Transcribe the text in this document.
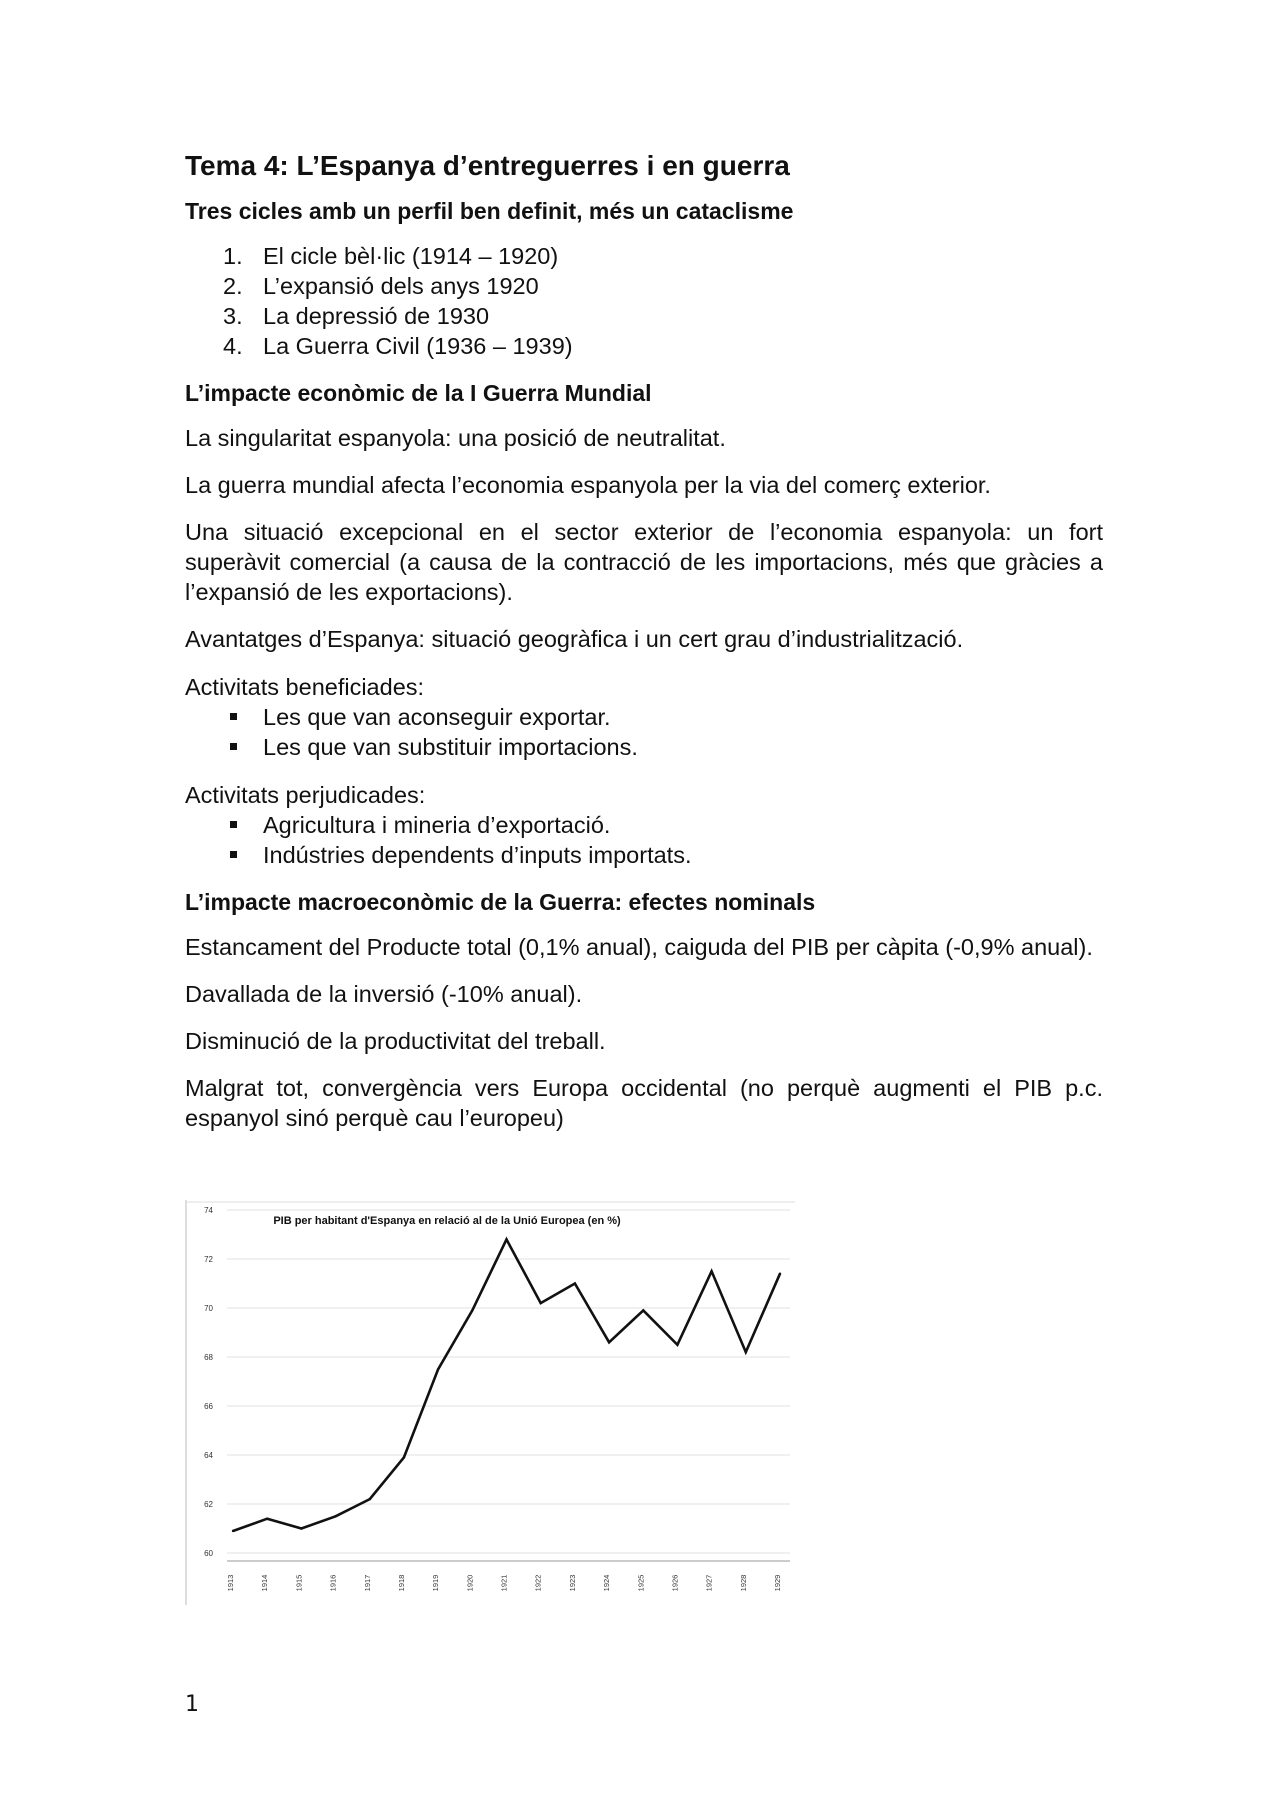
Tema 4: L’Espanya d’entreguerres i en guerra
Tres cicles amb un perfil ben definit, més un cataclisme
1. El cicle bèl·lic (1914 – 1920)
2. L’expansió dels anys 1920
3. La depressió de 1930
4. La Guerra Civil (1936 – 1939)
L’impacte econòmic de la I Guerra Mundial

La singularitat espanyola: una posició de neutralitat.

La guerra mundial afecta l’economia espanyola per la via del comerç exterior.

Una situació excepcional en el sector exterior de l’economia espanyola: un fort superàvit comercial (a causa de la contracció de les importacions, més que gràcies a l’expansió de les exportacions).

Avantatges d’Espanya: situació geogràfica i un cert grau d’industrialització.

Activitats beneficiades:

Les que van aconseguir exportar.
Les que van substituir importacions.

Activitats perjudicades:

Agricultura i mineria d’exportació.
Indústries dependents d’inputs importats.
L’impacte macroeconòmic de la Guerra: efectes nominals

Estancament del Producte total (0,1% anual), caiguda del PIB per càpita (-0,9% anual).

Davallada de la inversió (-10% anual).

Disminució de la productivitat del treball.

Malgrat tot, convergència vers Europa occidental (no perquè augmenti el PIB p.c. espanyol sinó perquè cau l’europeu)

PIB per habitant d'Espanya en relació al de la Unió Europea (en %)
60
62
64
66
68
70
72
74
1913	1914	1915	1916	1917	1918	1919	1920	1921	1922	1923	1924	1925	1926	1927	1928	1929
1
